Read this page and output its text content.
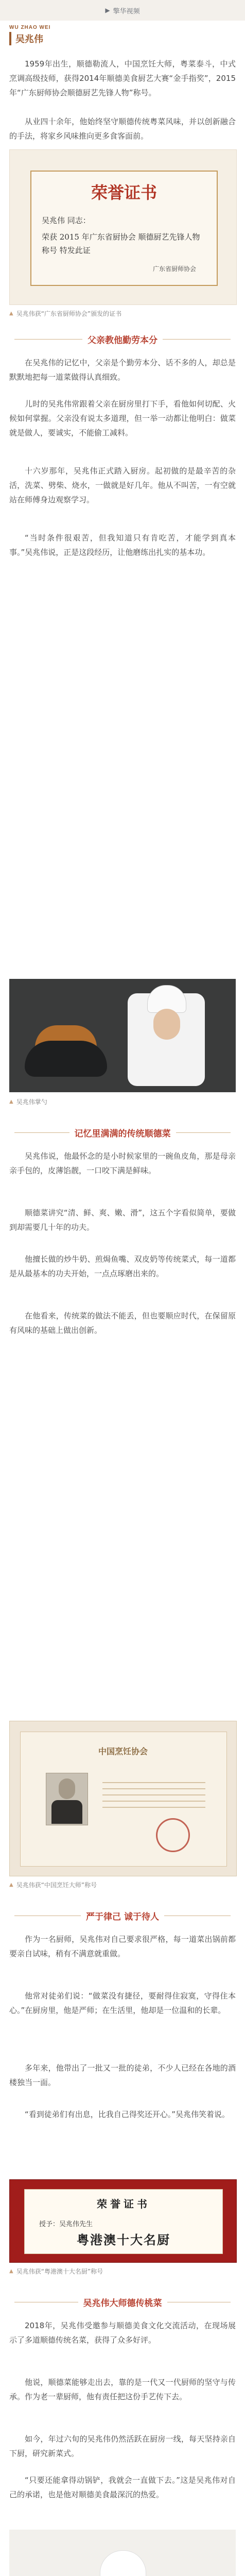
▶ 擎华视频
WU ZHAO WEI
吴兆伟
1959年出生，顺德勒流人，中国烹饪大师，粤菜泰斗，中式烹调高级技师，获得2014年顺德美食厨艺大赛“金手指奖”，2015年“广东厨师协会顺德厨艺先锋人物”称号。
从业四十余年，他始终坚守顺德传统粤菜风味，并以创新融合的手法，将家乡风味推向更多食客面前。
荣誉证书
吴兆伟 同志：
荣获 2015 年广东省厨协会 顺德厨艺先锋人物称号 特发此证
广东省厨师协会
▲ 吴兆伟获“广东省厨师协会”颁发的证书
父亲教他勤劳本分
在吴兆伟的记忆中，父亲是个勤劳本分、话不多的人，却总是默默地把每一道菜做得认真细致。
儿时的吴兆伟常跟着父亲在厨房里打下手，看他如何切配、火候如何掌握。父亲没有说太多道理，但一举一动都让他明白：做菜就是做人，要诚实，不能偷工减料。
十六岁那年，吴兆伟正式踏入厨房。起初做的是最辛苦的杂活，洗菜、劈柴、烧水，一做就是好几年。他从不叫苦，一有空就站在师傅身边观察学习。
“当时条件很艰苦，但我知道只有肯吃苦，才能学到真本事。”吴兆伟说，正是这段经历，让他磨练出扎实的基本功。
▲ 吴兆伟掌勺
记忆里满满的传统顺德菜
吴兆伟说，他最怀念的是小时候家里的一碗鱼皮角，那是母亲亲手包的，皮薄馅靓，一口咬下满是鲜味。
顺德菜讲究“清、鲜、爽、嫩、滑”，这五个字看似简单，要做到却需要几十年的功夫。
他擅长做的炒牛奶、煎焗鱼嘴、双皮奶等传统菜式，每一道都是从最基本的功夫开始，一点点琢磨出来的。
在他看来，传统菜的做法不能丢，但也要顺应时代，在保留原有风味的基础上做出创新。
中国烹饪协会
▲ 吴兆伟获“中国烹饪大师”称号
严于律己 诚于待人
作为一名厨师，吴兆伟对自己要求很严格，每一道菜出锅前都要亲自试味，稍有不满意就重做。
他常对徒弟们说：“做菜没有捷径，要耐得住寂寞，守得住本心。”在厨房里，他是严师；在生活里，他却是一位温和的长辈。
多年来，他带出了一批又一批的徒弟，不少人已经在各地的酒楼独当一面。
“看到徒弟们有出息，比我自己得奖还开心。”吴兆伟笑着说。
荣誉证书
授予：吴兆伟先生
粤港澳十大名厨
▲ 吴兆伟获“粤港澳十大名厨”称号
吴兆伟大师德传桃菜
2018年，吴兆伟受邀参与顺德美食文化交流活动，在现场展示了多道顺德传统名菜，获得了众多好评。
他说，顺德菜能够走出去，靠的是一代又一代厨师的坚守与传承。作为老一辈厨师，他有责任把这份手艺传下去。
如今，年过六旬的吴兆伟仍然活跃在厨房一线，每天坚持亲自下厨，研究新菜式。
“只要还能拿得动锅铲，我就会一直做下去。”这是吴兆伟对自己的承诺，也是他对顺德美食最深沉的热爱。
